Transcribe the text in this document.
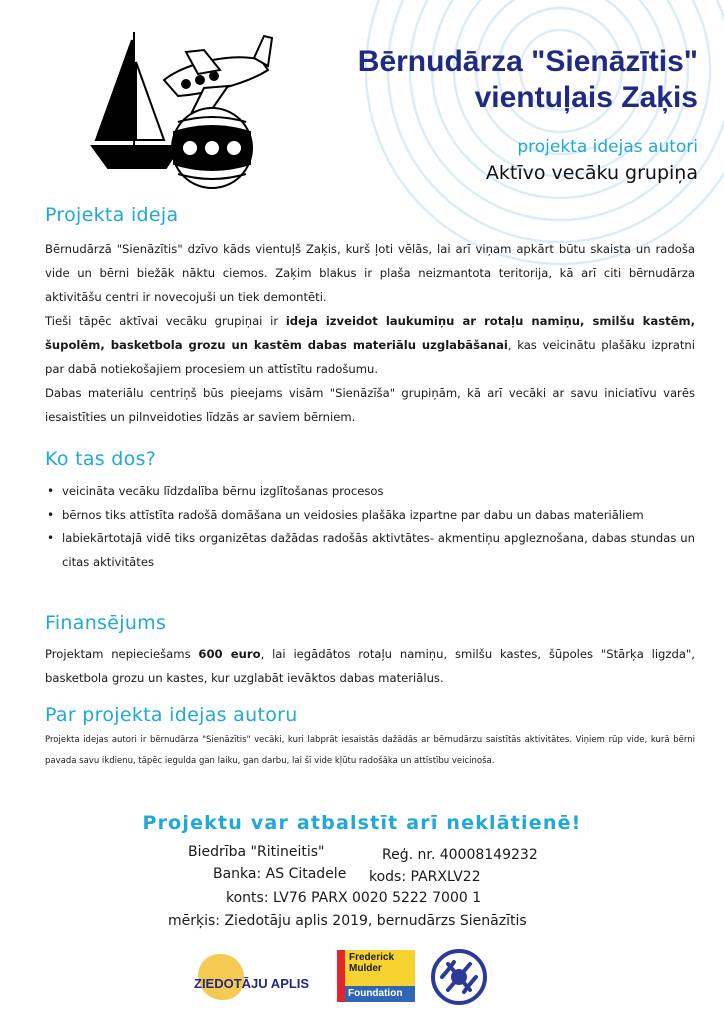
Bērnudārza "Sienāzītis"
vientuļais Zaķis

projekta idejas autori

Aktīvo vecāku grupiņa

Projekta ideja

Bērnudārzā "Sienāzītis" dzīvo kāds vientuļš Zaķis, kurš ļoti vēlās, lai arī viņam apkārt būtu skaista un radoša vide un bērni biežāk nāktu ciemos. Zaķim blakus ir plaša neizmantota teritorija, kā arī citi bērnudārza aktivitāšu centri ir novecojuši un tiek demontēti.

Tieši tāpēc aktīvai vecāku grupiņai ir ideja izveidot laukumiņu ar rotaļu namiņu, smilšu kastēm, šupolēm, basketbola grozu un kastēm dabas materiālu uzglabāšanai, kas veicinātu plašāku izpratni par dabā notiekošajiem procesiem un attīstītu radošumu.

Dabas materiālu centriņš būs pieejams visām "Sienāzīša" grupiņām, kā arī vecāki ar savu iniciatīvu varēs iesaistīties un pilnveidoties līdzās ar saviem bērniem.

Ko tas dos?
• veicināta vecāku līdzdalība bērnu izglītošanas procesos
• bērnos tiks attīstīta radošā domāšana un veidosies plašāka izpartne par dabu un dabas materiāliem
• labiekārtotajā vidē tiks organizētas dažādas radošās aktivtātes- akmentiņu apgleznošana, dabas stundas un citas aktivitātes
Finansējums

Projektam nepieciešams 600 euro, lai iegādātos rotaļu namiņu, smilšu kastes, šūpoles "Stārķa ligzda", basketbola grozu un kastes, kur uzglabāt ievāktos dabas materiālus.

Par projekta idejas autoru

Projekta idejas autori ir bērnudārza "Sienāzītis" vecāki, kuri labprāt iesaistās dažādās ar bērnudārzu saistītās aktivitātes. Viņiem rūp vide, kurā bērni pavada savu ikdienu, tāpēc iegulda gan laiku, gan darbu, lai šī vide kļūtu radošāka un attīstību veicinoša.

Projektu var atbalstīt arī neklātienē!

Biedrība "Ritineitis"	Reģ. nr. 40008149232

Banka: AS Citadele kods: PARXLV22

konts: LV76 PARX 0020 5222 7000 1

mērķis: Ziedotāju aplis 2019, bernudārzs Sienāzītis

ZIEDOTĀJU APLIS
Frederick
Mulder
Foundation
